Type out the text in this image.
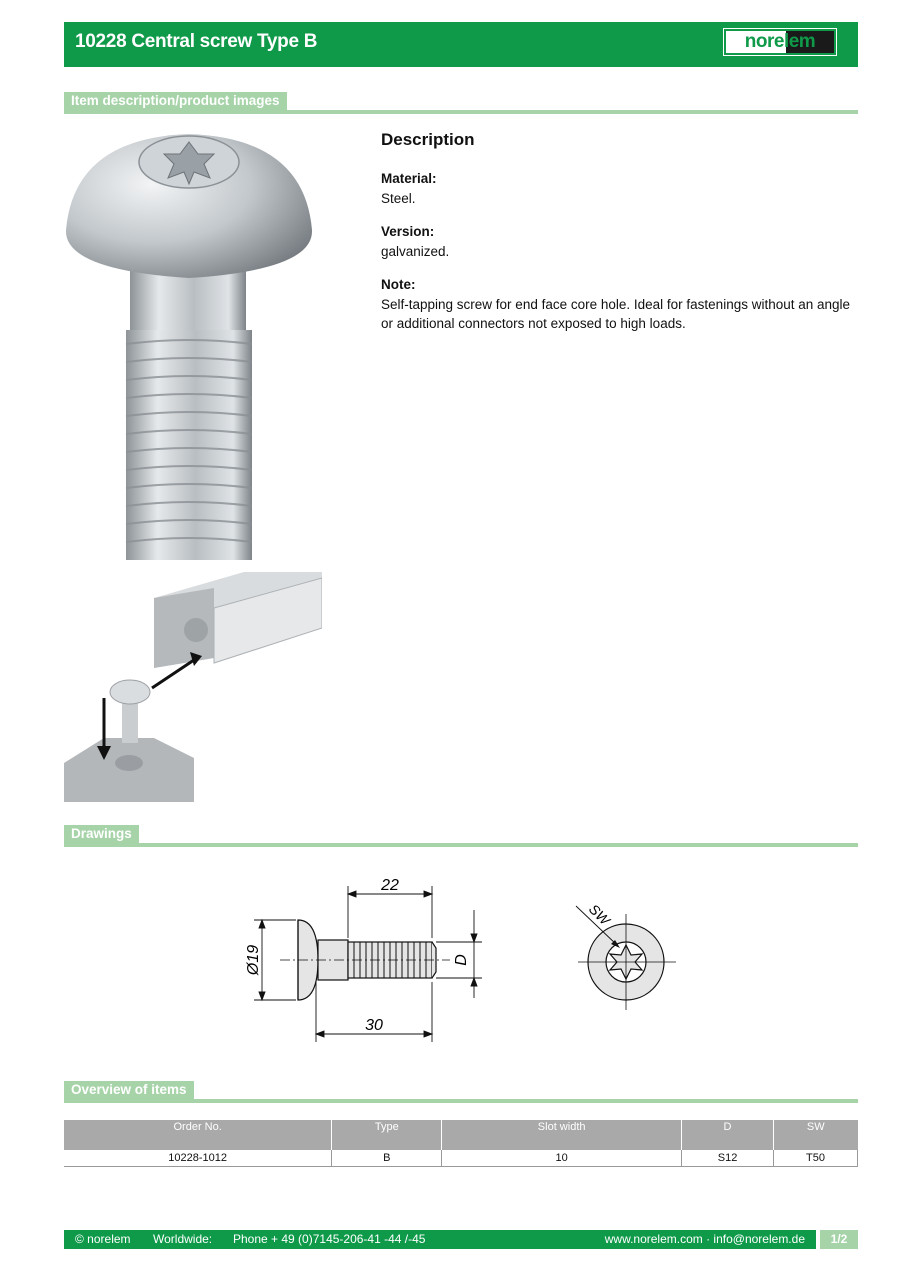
10228 Central screw Type B	norelem
Item description/product images
Description
Material:
Steel.
Version:
galvanized.
Note:
Self-tapping screw for end face core hole. Ideal for fastenings without an angle or additional connectors not exposed to high loads.
Drawings
22
30
Ø19	D
SW
Overview of items
Order No.	Type	Slot width	D	SW
10228-1012	B	10	S12	T50
© norelem Worldwide: Phone + 49 (0)7145-206-41 -44 /-45	www.norelem.com · info@norelem.de	1/2
